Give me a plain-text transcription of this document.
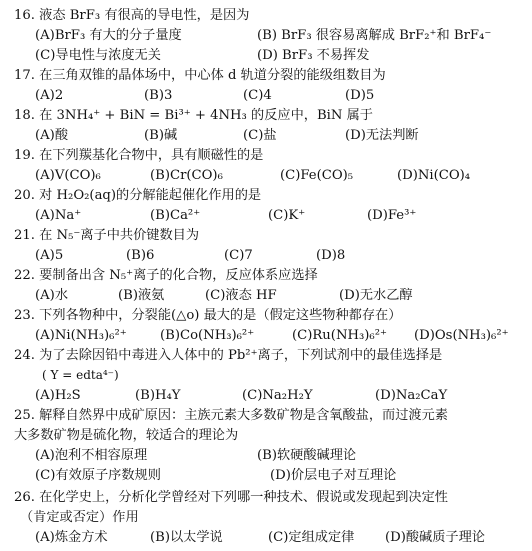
16. 液态 BrF₃ 有很高的导电性，是因为
(A)BrF₃ 有大的分子量度	(B) BrF₃ 很容易离解成 BrF₂⁺和 BrF₄⁻
(C)导电性与浓度无关	(D) BrF₃ 不易挥发
17. 在三角双锥的晶体场中，中心体 d 轨道分裂的能级组数目为
(A)2	(B)3	(C)4	(D)5
18. 在 3NH₄⁺ + BiN = Bi³⁺ + 4NH₃ 的反应中，BiN 属于
(A)酸	(B)碱	(C)盐	(D)无法判断
19. 在下列羰基化合物中，具有顺磁性的是
(A)V(CO)₆	(B)Cr(CO)₆	(C)Fe(CO)₅	(D)Ni(CO)₄
20. 对 H₂O₂(aq)的分解能起催化作用的是
(A)Na⁺	(B)Ca²⁺	(C)K⁺	(D)Fe³⁺
21. 在 N₅⁻离子中共价键数目为
(A)5	(B)6	(C)7	(D)8
22. 要制备出含 N₅⁺离子的化合物，反应体系应选择
(A)水	(B)液氨	(C)液态 HF	(D)无水乙醇
23. 下列各物种中，分裂能(△o) 最大的是（假定这些物种都存在）
(A)Ni(NH₃)₆²⁺	(B)Co(NH₃)₆²⁺	(C)Ru(NH₃)₆²⁺ (D)Os(NH₃)₆²⁺
24. 为了去除因铅中毒进入人体中的 Pb²⁺离子，下列试剂中的最佳选择是
( Y = edta⁴⁻)
(A)H₂S	(B)H₄Y	(C)Na₂H₂Y	(D)Na₂CaY
25. 解释自然界中成矿原因：主族元素大多数矿物是含氧酸盐，而过渡元素
大多数矿物是硫化物，较适合的理论为
(A)泡利不相容原理	(B)软硬酸碱理论
(C)有效原子序数规则	(D)价层电子对互理论
26. 在化学史上，分析化学曾经对下列哪一种技术、假说或发现起到决定性
（肯定或否定）作用
(A)炼金方术	(B)以太学说	(C)定组成定律 (D)酸碱质子理论
